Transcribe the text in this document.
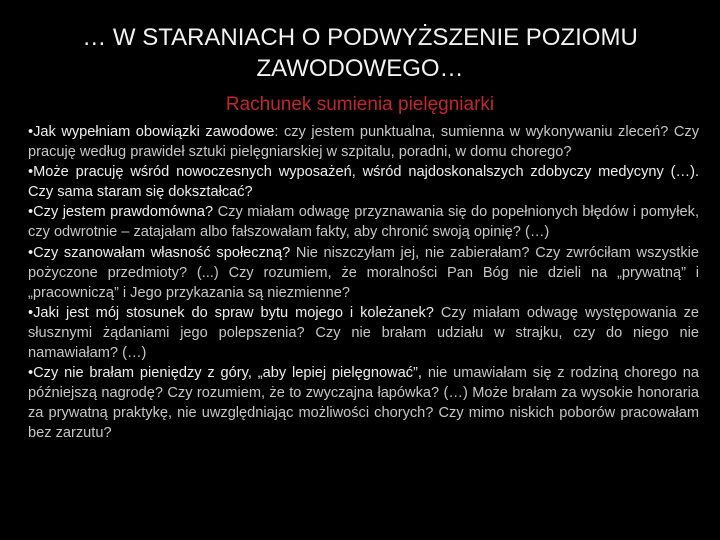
… W STARANIACH O PODWYŻSZENIE POZIOMU
ZAWODOWEGO…
Rachunek sumienia pielęgniarki

•Jak wypełniam obowiązki zawodowe: czy jestem punktualna, sumienna w wykonywaniu zleceń? Czy pracuję według prawideł sztuki pielęgniarskiej w szpitalu, poradni, w domu chorego?

•Może pracuję wśród nowoczesnych wyposażeń, wśród najdoskonalszych zdobyczy medycyny (…). Czy sama staram się dokształcać?

•Czy jestem prawdomówna? Czy miałam odwagę przyznawania się do popełnionych błędów i pomyłek, czy odwrotnie – zatajałam albo fałszowałam fakty, aby chronić swoją opinię? (…)

•Czy szanowałam własność społeczną? Nie niszczyłam jej, nie zabierałam? Czy zwróciłam wszystkie pożyczone przedmioty? (...) Czy rozumiem, że moralności Pan Bóg nie dzieli na „prywatną” i „pracowniczą” i Jego przykazania są niezmienne?

•Jaki jest mój stosunek do spraw bytu mojego i koleżanek? Czy miałam odwagę występowania ze słusznymi żądaniami jego polepszenia? Czy nie brałam udziału w strajku, czy do niego nie namawiałam? (…)

•Czy nie brałam pieniędzy z góry, „aby lepiej pielęgnować”, nie umawiałam się z rodziną chorego na późniejszą nagrodę? Czy rozumiem, że to zwyczajna łapówka? (…) Może brałam za wysokie honoraria za prywatną praktykę, nie uwzględniając możliwości chorych? Czy mimo niskich poborów pracowałam bez zarzutu?
